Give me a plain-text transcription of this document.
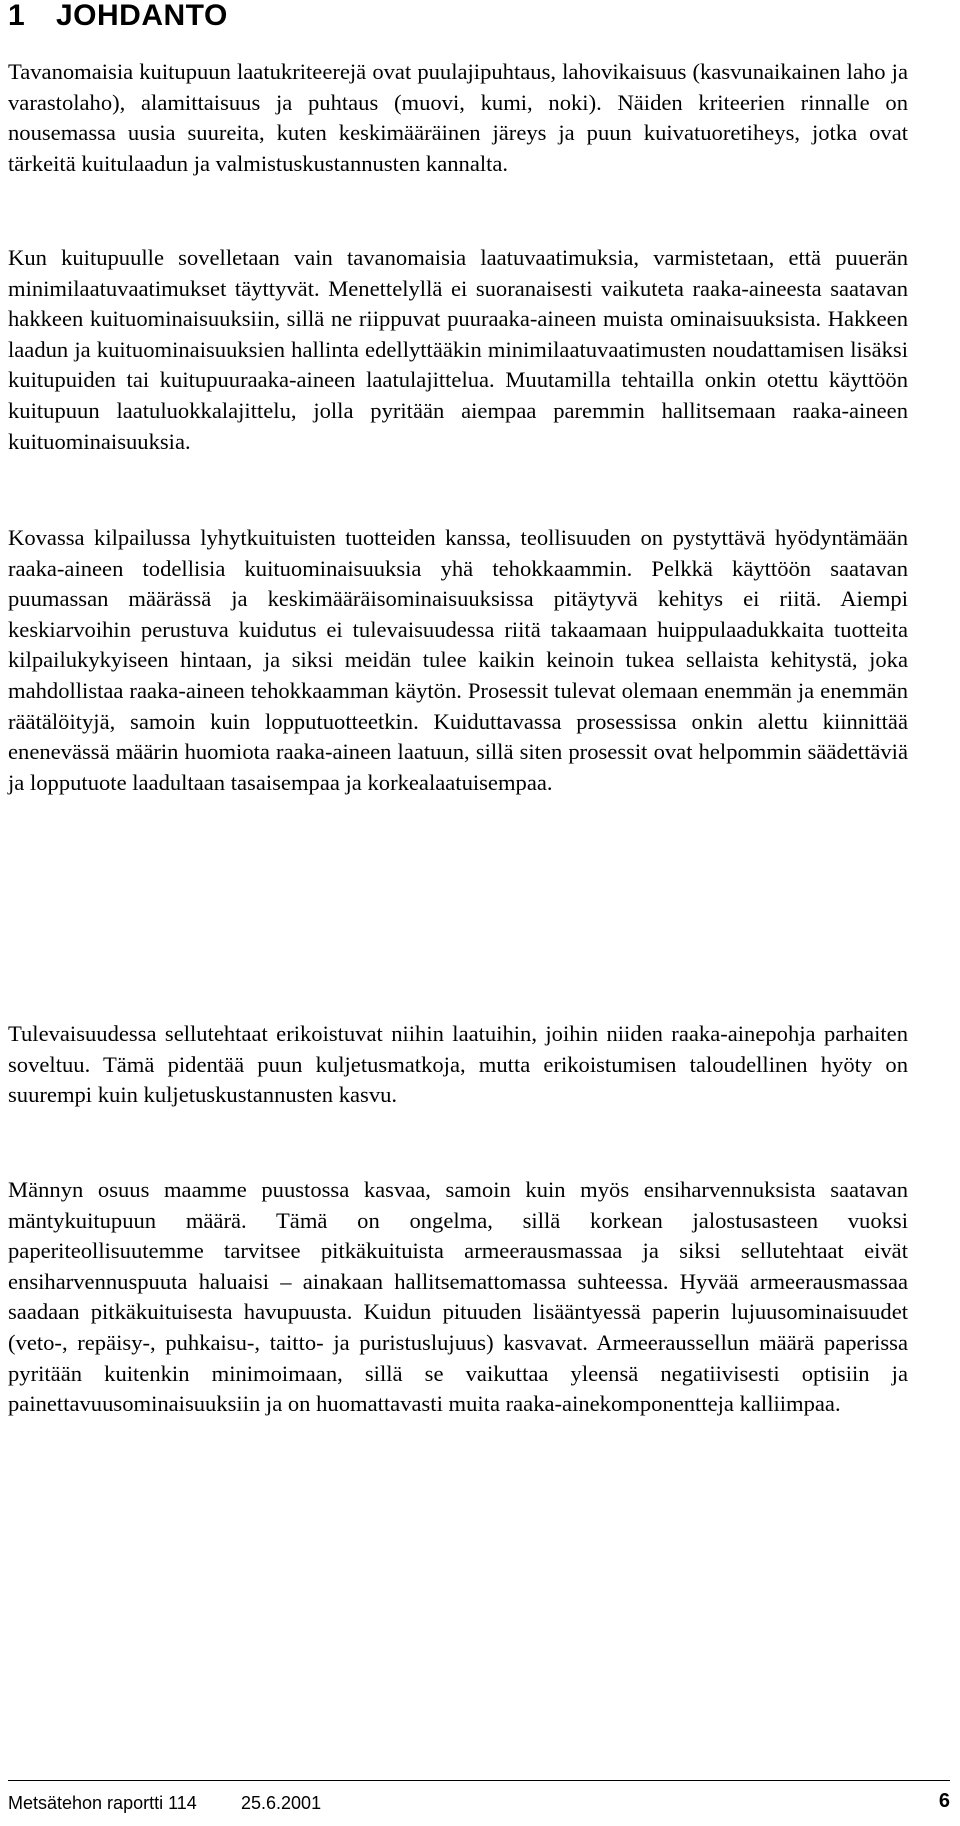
1 JOHDANTO

Tavanomaisia kuitupuun laatukriteerejä ovat puulajipuhtaus, lahovikaisuus (kasvunaikainen laho ja varastolaho), alamittaisuus ja puhtaus (muovi, kumi, noki). Näiden kriteerien rinnalle on nousemassa uusia suureita, kuten keskimääräinen järeys ja puun kuivatuoretiheys, jotka ovat tärkeitä kuitulaadun ja valmistuskustannusten kannalta.

Kun kuitupuulle sovelletaan vain tavanomaisia laatuvaatimuksia, varmistetaan, että puuerän minimilaatuvaatimukset täyttyvät. Menettelyllä ei suoranaisesti vaikuteta raaka-aineesta saatavan hakkeen kuituominaisuuksiin, sillä ne riippuvat puuraaka-aineen muista ominaisuuksista. Hakkeen laadun ja kuituominaisuuksien hallinta edellyttääkin minimilaatuvaatimusten noudattamisen lisäksi kuitupuiden tai kuitupuuraaka-aineen laatulajittelua. Muutamilla tehtailla onkin otettu käyttöön kuitupuun laatuluokkalajittelu, jolla pyritään aiempaa paremmin hallitsemaan raaka-aineen kuituominaisuuksia.

Kovassa kilpailussa lyhytkuituisten tuotteiden kanssa, teollisuuden on pystyttävä hyödyntämään raaka-aineen todellisia kuituominaisuuksia yhä tehokkaammin. Pelkkä käyttöön saatavan puumassan määrässä ja keskimääräisominaisuuksissa pitäytyvä kehitys ei riitä. Aiempi keskiarvoihin perustuva kuidutus ei tulevaisuudessa riitä takaamaan huippulaadukkaita tuotteita kilpailukykyiseen hintaan, ja siksi meidän tulee kaikin keinoin tukea sellaista kehitystä, joka mahdollistaa raaka-aineen tehokkaamman käytön. Prosessit tulevat olemaan enemmän ja enemmän räätälöityjä, samoin kuin lopputuotteetkin. Kuiduttavassa prosessissa onkin alettu kiinnittää enenevässä määrin huomiota raaka-aineen laatuun, sillä siten prosessit ovat helpommin säädettäviä ja lopputuote laadultaan tasaisempaa ja korkealaatuisempaa.

Tulevaisuudessa sellutehtaat erikoistuvat niihin laatuihin, joihin niiden raaka-ainepohja parhaiten soveltuu. Tämä pidentää puun kuljetusmatkoja, mutta erikoistumisen taloudellinen hyöty on suurempi kuin kuljetuskustannusten kasvu.

Männyn osuus maamme puustossa kasvaa, samoin kuin myös ensiharvennuksista saatavan mäntykuitupuun määrä. Tämä on ongelma, sillä korkean jalostusasteen vuoksi paperiteollisuutemme tarvitsee pitkäkuituista armeerausmassaa ja siksi sellutehtaat eivät ensiharvennuspuuta haluaisi – ainakaan hallitsemattomassa suhteessa. Hyvää armeerausmassaa saadaan pitkäkuituisesta havupuusta. Kuidun pituuden lisääntyessä paperin lujuusominaisuudet (veto-, repäisy-, puhkaisu-, taitto- ja puristuslujuus) kasvavat. Armeeraussellun määrä paperissa pyritään kuitenkin minimoimaan, sillä se vaikuttaa yleensä negatiivisesti optisiin ja painettavuusominaisuuksiin ja on huomattavasti muita raaka-ainekomponentteja kalliimpaa.

Metsätehon raportti 114 25.6.2001	6
